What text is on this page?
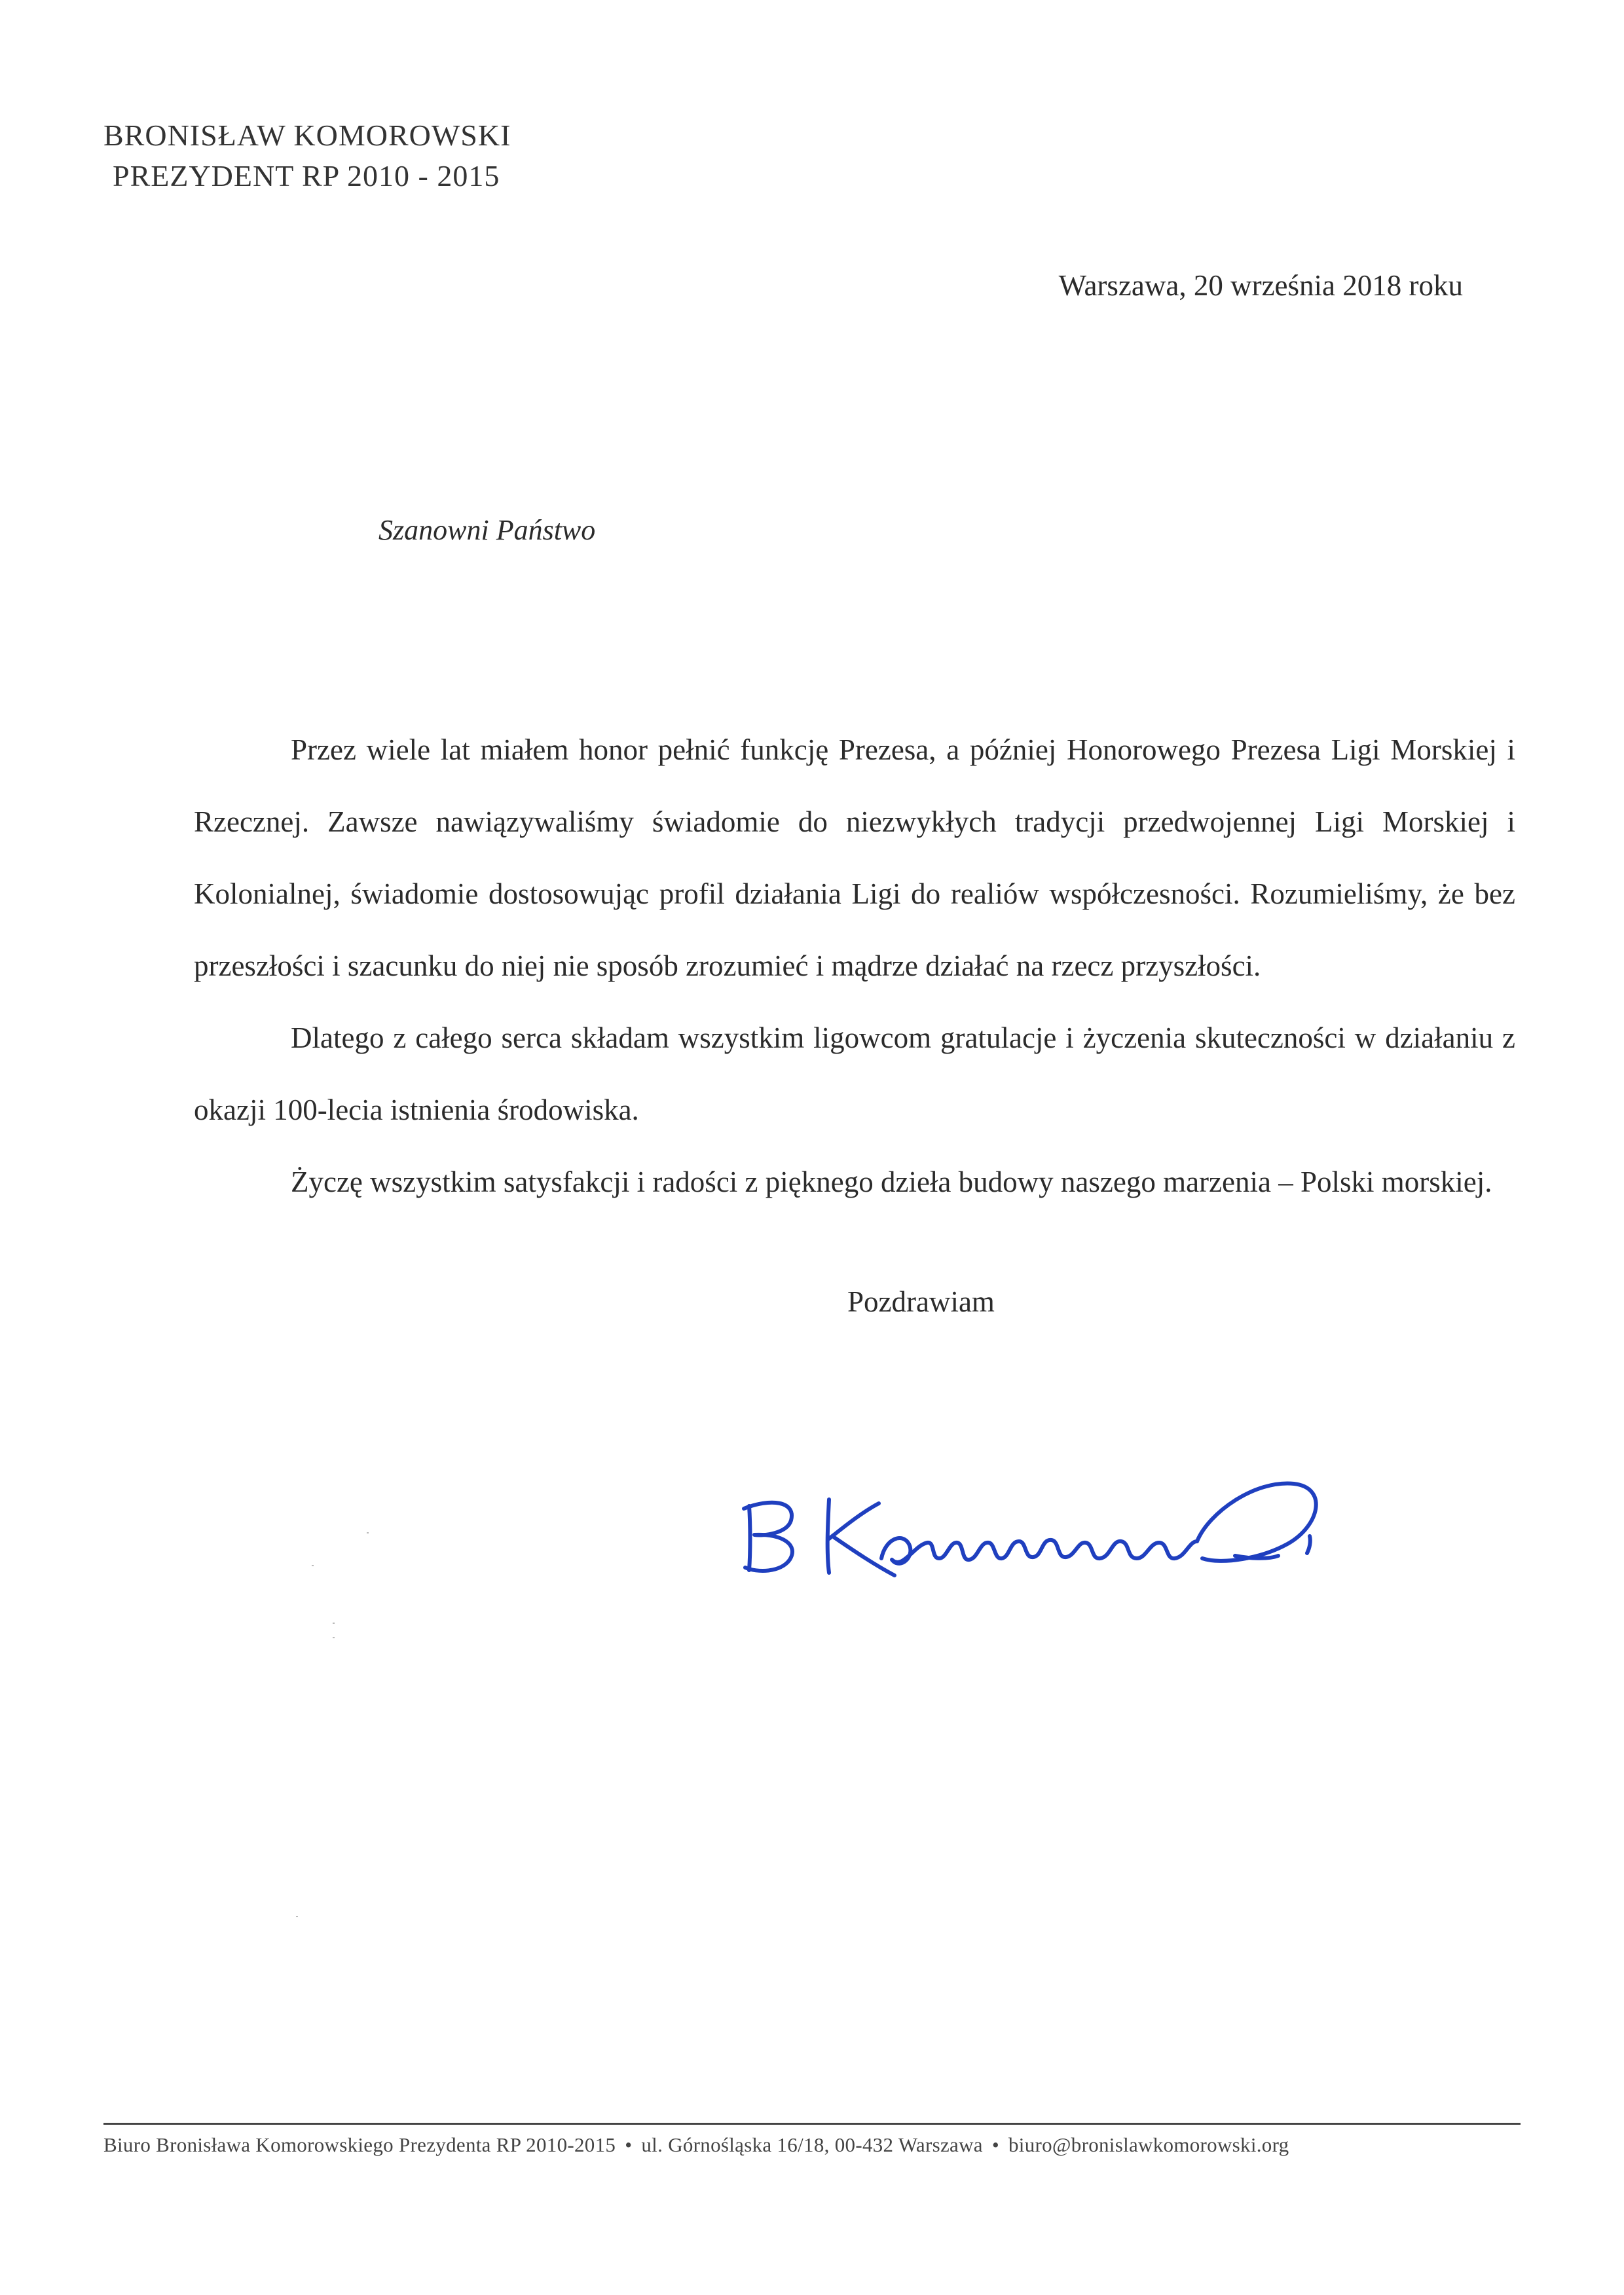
BRONISŁAW KOMOROWSKI
PREZYDENT RP 2010 - 2015
Warszawa, 20 września 2018 roku
Szanowni Państwo

Przez wiele lat miałem honor pełnić funkcję Prezesa, a później Honorowego Prezesa Ligi Morskiej i Rzecznej. Zawsze nawiązywaliśmy świadomie do niezwykłych tradycji przedwojennej Ligi Morskiej i Kolonialnej, świadomie dostosowując profil działania Ligi do realiów współczesności. Rozumieliśmy, że bez przeszłości i szacunku do niej nie sposób zrozumieć i mądrze działać na rzecz przyszłości.

Dlatego z całego serca składam wszystkim ligowcom gratulacje i życzenia skuteczności w działaniu z okazji 100-lecia istnienia środowiska.

Życzę wszystkim satysfakcji i radości z pięknego dzieła budowy naszego marzenia – Polski morskiej.

Pozdrawiam
Biuro Bronisława Komorowskiego Prezydenta RP 2010-2015 • ul. Górnośląska 16/18, 00-432 Warszawa • biuro@bronislawkomorowski.org
